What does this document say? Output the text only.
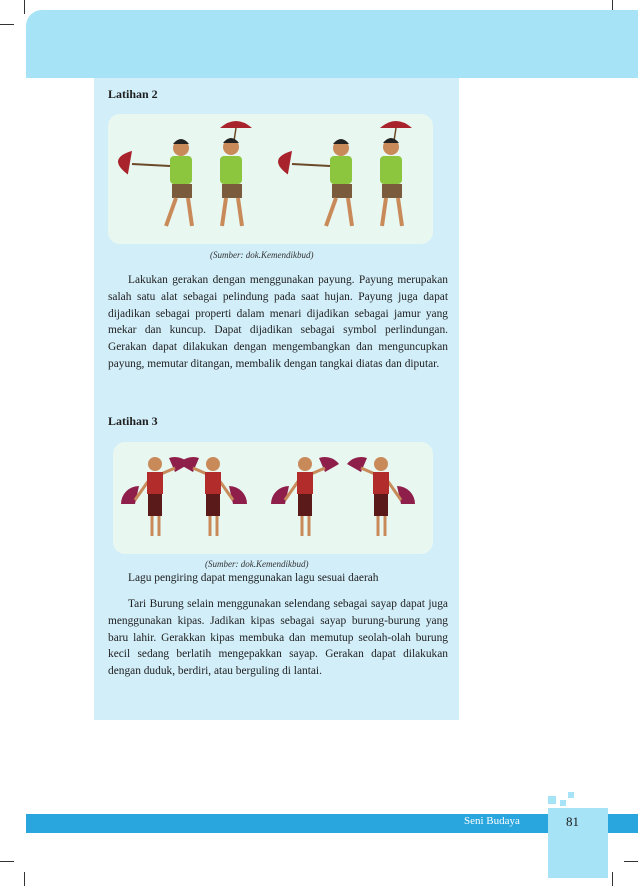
Latihan 2
(Sumber: dok.Kemendikbud)
Lakukan gerakan dengan menggunakan payung. Payung merupakan salah satu alat sebagai pelindung pada saat hujan. Payung juga dapat dijadikan sebagai properti dalam menari dijadikan sebagai jamur yang mekar dan kuncup. Dapat dijadikan sebagai symbol perlindungan. Gerakan dapat dilakukan dengan mengembangkan dan menguncupkan payung, memutar ditangan, membalik dengan tangkai diatas dan diputar.
Latihan 3
(Sumber: dok.Kemendikbud)
Lagu pengiring dapat menggunakan lagu sesuai daerah
Tari Burung selain menggunakan selendang sebagai sayap dapat juga menggunakan kipas. Jadikan kipas sebagai sayap burung-burung yang baru lahir. Gerakkan kipas membuka dan memutup seolah-olah burung kecil sedang berlatih mengepakkan sayap. Gerakan dapat dilakukan dengan duduk, berdiri, atau berguling di lantai.
Seni Budaya	81
